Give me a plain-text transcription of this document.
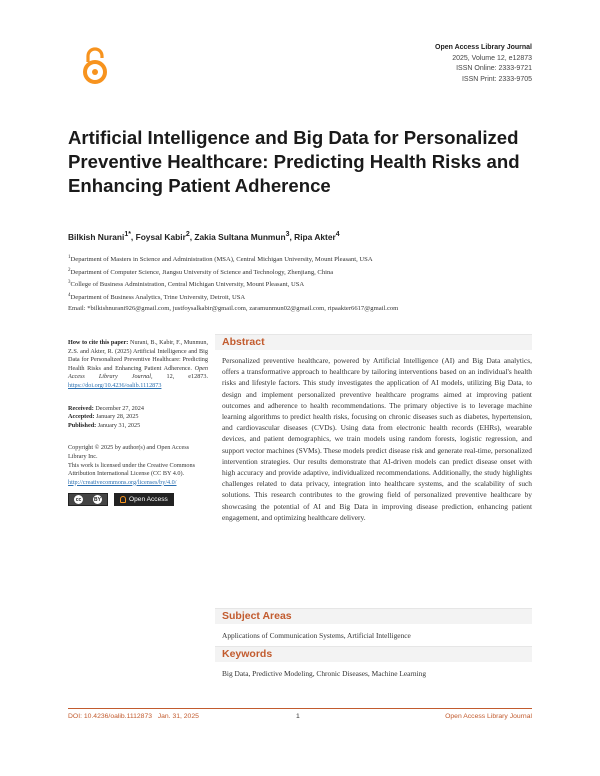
Open Access Library Journal
2025, Volume 12, e12873
ISSN Online: 2333-9721
ISSN Print: 2333-9705
Artificial Intelligence and Big Data for Personalized Preventive Healthcare: Predicting Health Risks and Enhancing Patient Adherence
Bilkish Nurani$^{1*}$, Foysal Kabir$^2$, Zakia Sultana Munmun$^3$, Ripa Akter$^4$
$^1$Department of Masters in Science and Administration (MSA), Central Michigan University, Mount Pleasant, USA
$^2$Department of Computer Science, Jiangsu University of Science and Technology, Zhenjiang, China
$^3$College of Business Administration, Central Michigan University, Mount Pleasant, USA
$^4$Department of Business Analytics, Trine University, Detroit, USA
Email: *bilkishnurani926@gmail.com, justfoysalkabir@gmail.com, zaramunmun02@gmail.com, ripaakter6617@gmail.com
How to cite this paper: Nurani, B., Kabir, F., Munmun, Z.S. and Akter, R. (2025) Artificial Intelligence and Big Data for Personalized Preventive Healthcare: Predicting Health Risks and Enhancing Patient Adherence. Open Access Library Journal, 12, e12873. https://doi.org/10.4236/oalib.1112873
Received: December 27, 2024
Accepted: January 28, 2025
Published: January 31, 2025
Copyright © 2025 by author(s) and Open Access Library Inc.
This work is licensed under the Creative Commons Attribution International License (CC BY 4.0).
http://creativecommons.org/licenses/by/4.0/
cc	BY	Open Access
Abstract
Personalized preventive healthcare, powered by Artificial Intelligence (AI) and Big Data analytics, offers a transformative approach to healthcare by tailoring interventions based on an individual's health risks and lifestyle factors. This study investigates the application of AI models, utilizing Big Data, to design and implement personalized preventive healthcare programs aimed at improving patient outcomes and adherence to health recommendations. The primary objective is to leverage machine learning algorithms to predict health risks, focusing on chronic diseases such as diabetes, hypertension, and cardiovascular diseases (CVDs). Using data from electronic health records (EHRs), wearable devices, and patient demographics, we train models using random forests, logistic regression, and support vector machines (SVMs). These models predict disease risk and generate real-time, personalized intervention strategies. Our results demonstrate that AI-driven models can predict disease onset with high accuracy and provide adaptive, individualized recommendations. Additionally, the study highlights challenges related to data privacy, integration into healthcare systems, and the scalability of such solutions. This research contributes to the growing field of personalized preventive healthcare by showcasing the potential of AI and Big Data in improving disease prediction, enhancing patient engagement, and optimizing healthcare delivery.
Subject Areas
Applications of Communication Systems, Artificial Intelligence
Keywords
Big Data, Predictive Modeling, Chronic Diseases, Machine Learning
DOI: 10.4236/oalib.1112873 Jan. 31, 2025	1	Open Access Library Journal
